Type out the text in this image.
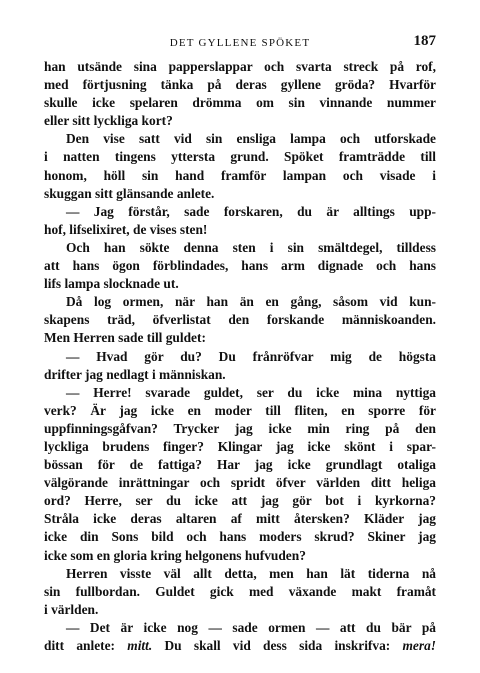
DET GYLLENE SPÖKET	187
han utsände sina papperslappar och svarta streck på rof,
med förtjusning tänka på deras gyllene gröda? Hvarför
skulle icke spelaren drömma om sin vinnande nummer
eller sitt lyckliga kort?
Den vise satt vid sin ensliga lampa och utforskade
i natten tingens yttersta grund. Spöket framträdde till
honom, höll sin hand framför lampan och visade i
skuggan sitt glänsande anlete.
— Jag förstår, sade forskaren, du är alltings upp-
hof, lifselixiret, de vises sten!
Och han sökte denna sten i sin smältdegel, tilldess
att hans ögon förblindades, hans arm dignade och hans
lifs lampa slocknade ut.
Då log ormen, när han än en gång, såsom vid kun-
skapens träd, öfverlistat den forskande människoanden.
Men Herren sade till guldet:
— Hvad gör du? Du frånröfvar mig de högsta
drifter jag nedlagt i människan.
— Herre! svarade guldet, ser du icke mina nyttiga
verk? Är jag icke en moder till fliten, en sporre för
uppfinningsgåfvan? Trycker jag icke min ring på den
lyckliga brudens finger? Klingar jag icke skönt i spar-
bössan för de fattiga? Har jag icke grundlagt otaliga
välgörande inrättningar och spridt öfver världen ditt heliga
ord? Herre, ser du icke att jag gör bot i kyrkorna?
Stråla icke deras altaren af mitt återsken? Kläder jag
icke din Sons bild och hans moders skrud? Skiner jag
icke som en gloria kring helgonens hufvuden?
Herren visste väl allt detta, men han lät tiderna nå
sin fullbordan. Guldet gick med växande makt framåt
i världen.
— Det är icke nog — sade ormen — att du bär på
ditt anlete: mitt. Du skall vid dess sida inskrifva: mera!
